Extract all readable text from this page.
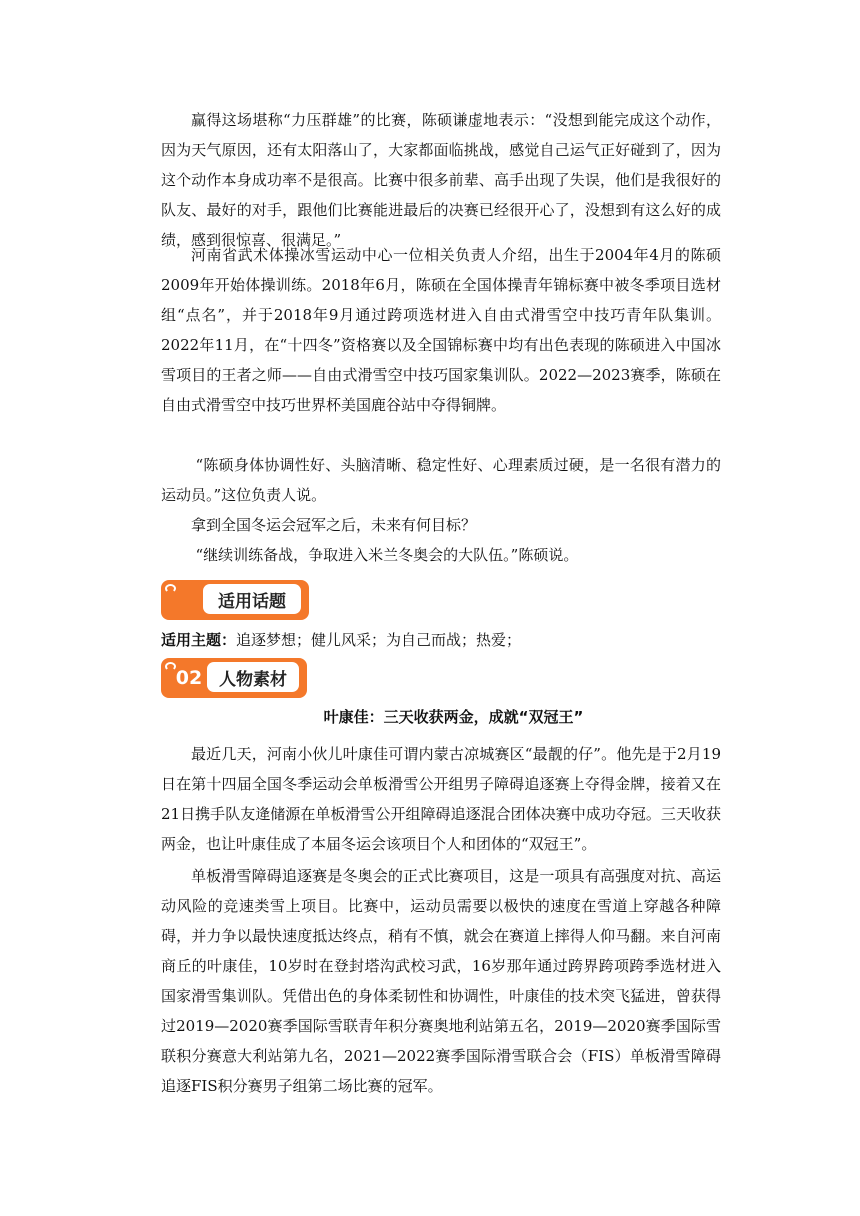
赢得这场堪称“力压群雄”的比赛，陈硕谦虚地表示：“没想到能完成这个动作，因为天气原因，还有太阳落山了，大家都面临挑战，感觉自己运气正好碰到了，因为这个动作本身成功率不是很高。比赛中很多前辈、高手出现了失误，他们是我很好的队友、最好的对手，跟他们比赛能进最后的决赛已经很开心了，没想到有这么好的成绩，感到很惊喜、很满足。”

河南省武术体操冰雪运动中心一位相关负责人介绍，出生于2004年4月的陈硕2009年开始体操训练。2018年6月，陈硕在全国体操青年锦标赛中被冬季项目选材组“点名”，并于2018年9月通过跨项选材进入自由式滑雪空中技巧青年队集训。2022年11月，在“十四冬”资格赛以及全国锦标赛中均有出色表现的陈硕进入中国冰雪项目的王者之师——自由式滑雪空中技巧国家集训队。2022—2023赛季，陈硕在自由式滑雪空中技巧世界杯美国鹿谷站中夺得铜牌。

“陈硕身体协调性好、头脑清晰、稳定性好、心理素质过硬，是一名很有潜力的运动员。”这位负责人说。

拿到全国冬运会冠军之后，未来有何目标？

“继续训练备战，争取进入米兰冬奥会的大队伍。”陈硕说。

适用话题
适用主题：追逐梦想；健儿风采；为自己而战；热爱；
02 人物素材
叶康佳：三天收获两金，成就“双冠王”

最近几天，河南小伙儿叶康佳可谓内蒙古凉城赛区“最靓的仔”。他先是于2月19日在第十四届全国冬季运动会单板滑雪公开组男子障碍追逐赛上夺得金牌，接着又在21日携手队友逄储源在单板滑雪公开组障碍追逐混合团体决赛中成功夺冠。三天收获两金，也让叶康佳成了本届冬运会该项目个人和团体的“双冠王”。

单板滑雪障碍追逐赛是冬奥会的正式比赛项目，这是一项具有高强度对抗、高运动风险的竞速类雪上项目。比赛中，运动员需要以极快的速度在雪道上穿越各种障碍，并力争以最快速度抵达终点，稍有不慎，就会在赛道上摔得人仰马翻。来自河南商丘的叶康佳，10岁时在登封塔沟武校习武，16岁那年通过跨界跨项跨季选材进入国家滑雪集训队。凭借出色的身体柔韧性和协调性，叶康佳的技术突飞猛进，曾获得过2019—2020赛季国际雪联青年积分赛奥地利站第五名，2019—2020赛季国际雪联积分赛意大利站第九名，2021—2022赛季国际滑雪联合会（FIS）单板滑雪障碍追逐FIS积分赛男子组第二场比赛的冠军。
